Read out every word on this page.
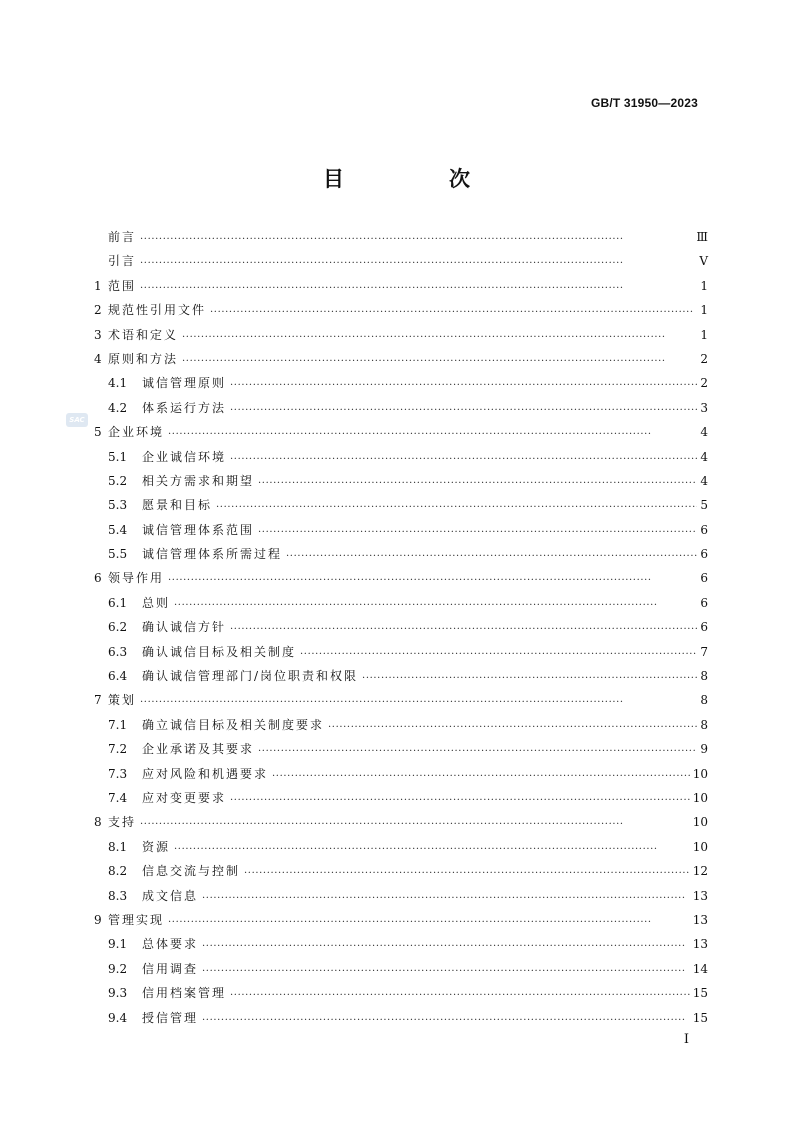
GB/T 31950—2023
目　次
SAC
前言 ·····	Ⅲ
引言 ·····	Ⅴ
1 范围 ·····	1
2 规范性引用文件 ·····	1
3 术语和定义 ·····	1
4 原则和方法 ·····	2
4.1	诚信管理原则 ·····	2
4.2	体系运行方法 ·····	3
5 企业环境 ·····	4
5.1	企业诚信环境 ·····	4
5.2	相关方需求和期望 ·····	4
5.3	愿景和目标 ·····	5
5.4	诚信管理体系范围 ·····	6
5.5	诚信管理体系所需过程 ·····	6
6 领导作用 ·····	6
6.1	总则 ·····	6
6.2	确认诚信方针 ·····	6
6.3	确认诚信目标及相关制度 ·····	7
6.4	确认诚信管理部门/岗位职责和权限 ·····	8
7 策划 ·····	8
7.1	确立诚信目标及相关制度要求 ·····	8
7.2	企业承诺及其要求 ·····	9
7.3	应对风险和机遇要求 ·····	10
7.4	应对变更要求 ·····	10
8 支持 ·····	10
8.1	资源 ·····	10
8.2	信息交流与控制 ·····	12
8.3	成文信息 ·····	13
9 管理实现 ·····	13
9.1	总体要求 ·····	13
9.2	信用调查 ·····	14
9.3	信用档案管理 ·····	15
9.4	授信管理 ·····	15
I
